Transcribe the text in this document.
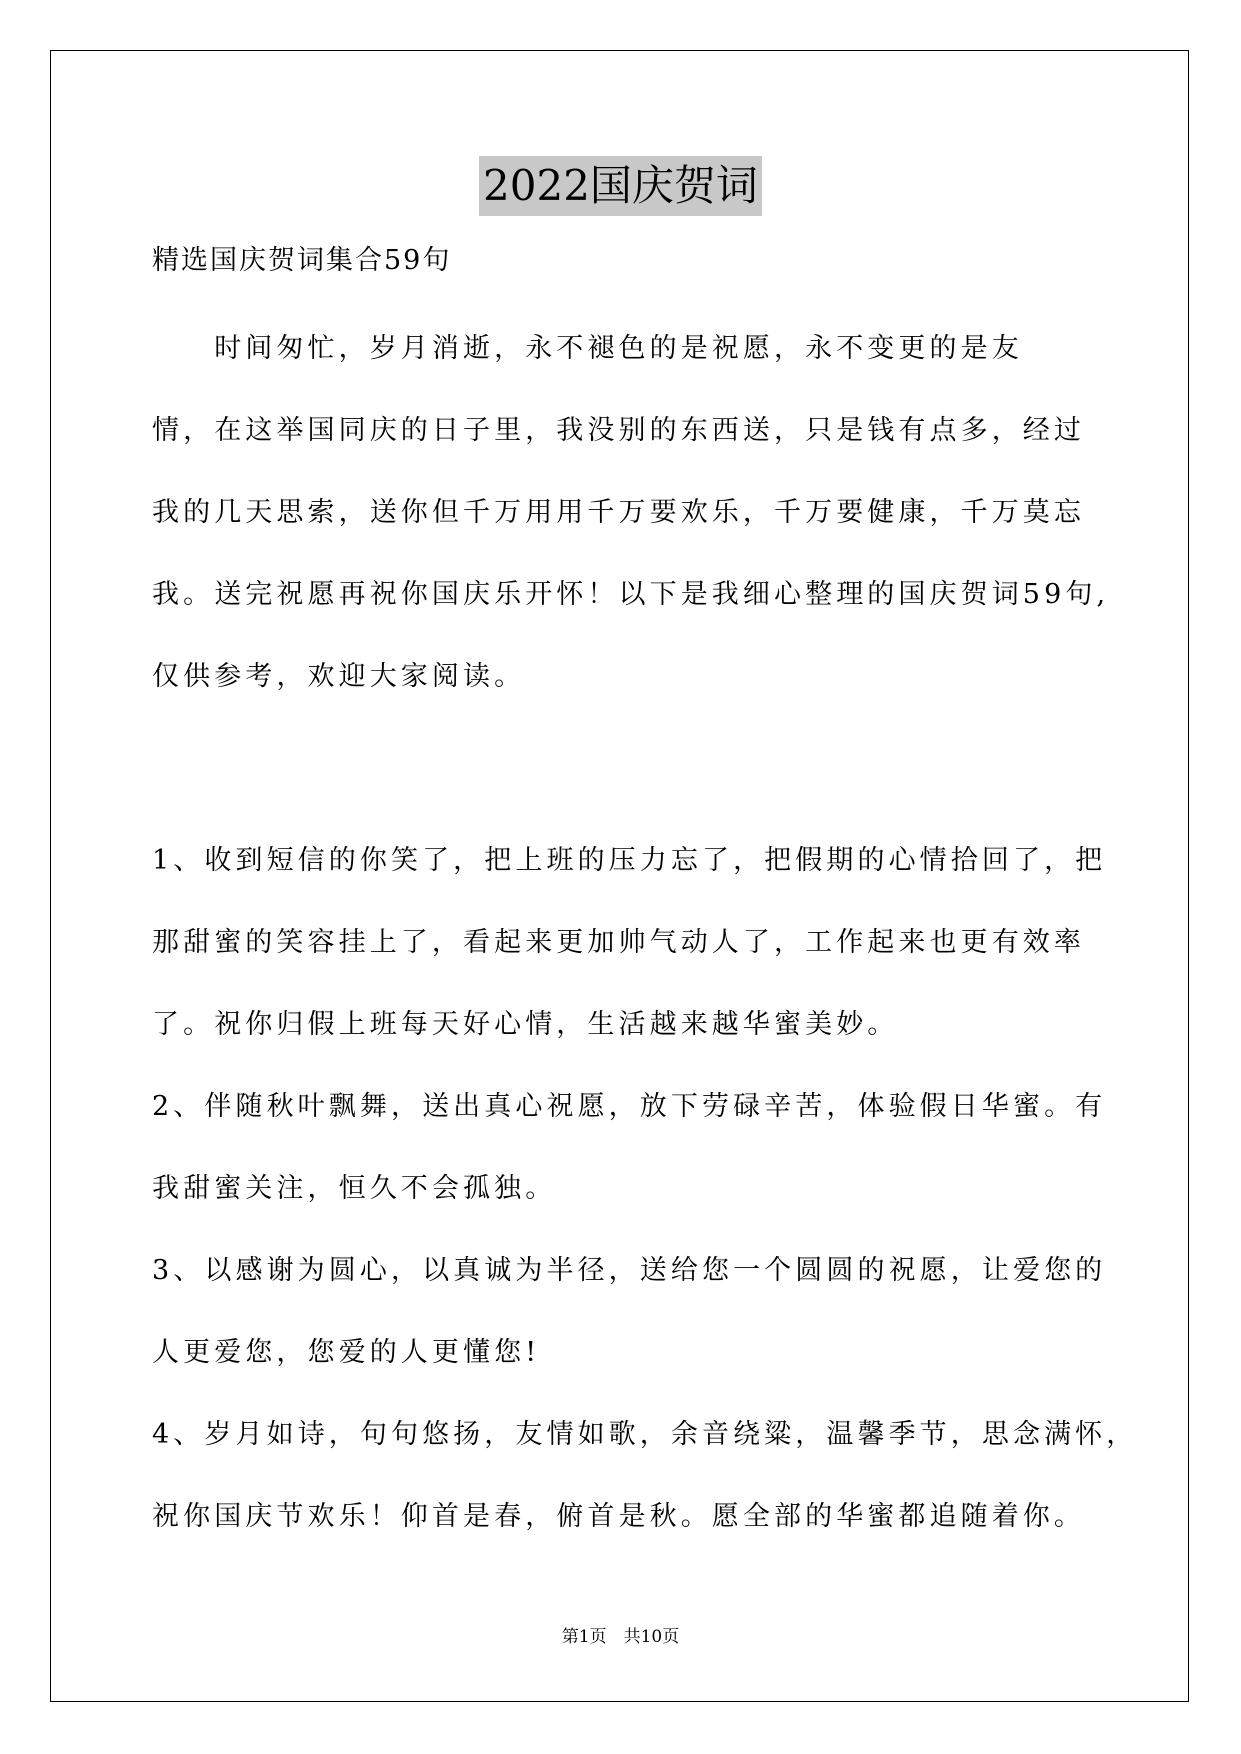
2022国庆贺词
精选国庆贺词集合59句
　　时间匆忙，岁月消逝，永不褪色的是祝愿，永不变更的是友
情，在这举国同庆的日子里，我没别的东西送，只是钱有点多，经过
我的几天思索，送你但千万用用千万要欢乐，千万要健康，千万莫忘
我。送完祝愿再祝你国庆乐开怀！以下是我细心整理的国庆贺词59句,
仅供参考，欢迎大家阅读。
1、收到短信的你笑了，把上班的压力忘了，把假期的心情拾回了，把
那甜蜜的笑容挂上了，看起来更加帅气动人了，工作起来也更有效率
了。祝你归假上班每天好心情，生活越来越华蜜美妙。
2、伴随秋叶飘舞，送出真心祝愿，放下劳碌辛苦，体验假日华蜜。有
我甜蜜关注，恒久不会孤独。
3、以感谢为圆心，以真诚为半径，送给您一个圆圆的祝愿，让爱您的
人更爱您，您爱的人更懂您!
4、岁月如诗，句句悠扬，友情如歌，余音绕粱，温馨季节，思念满怀，
祝你国庆节欢乐！仰首是春，俯首是秋。愿全部的华蜜都追随着你。
第1页　共10页
